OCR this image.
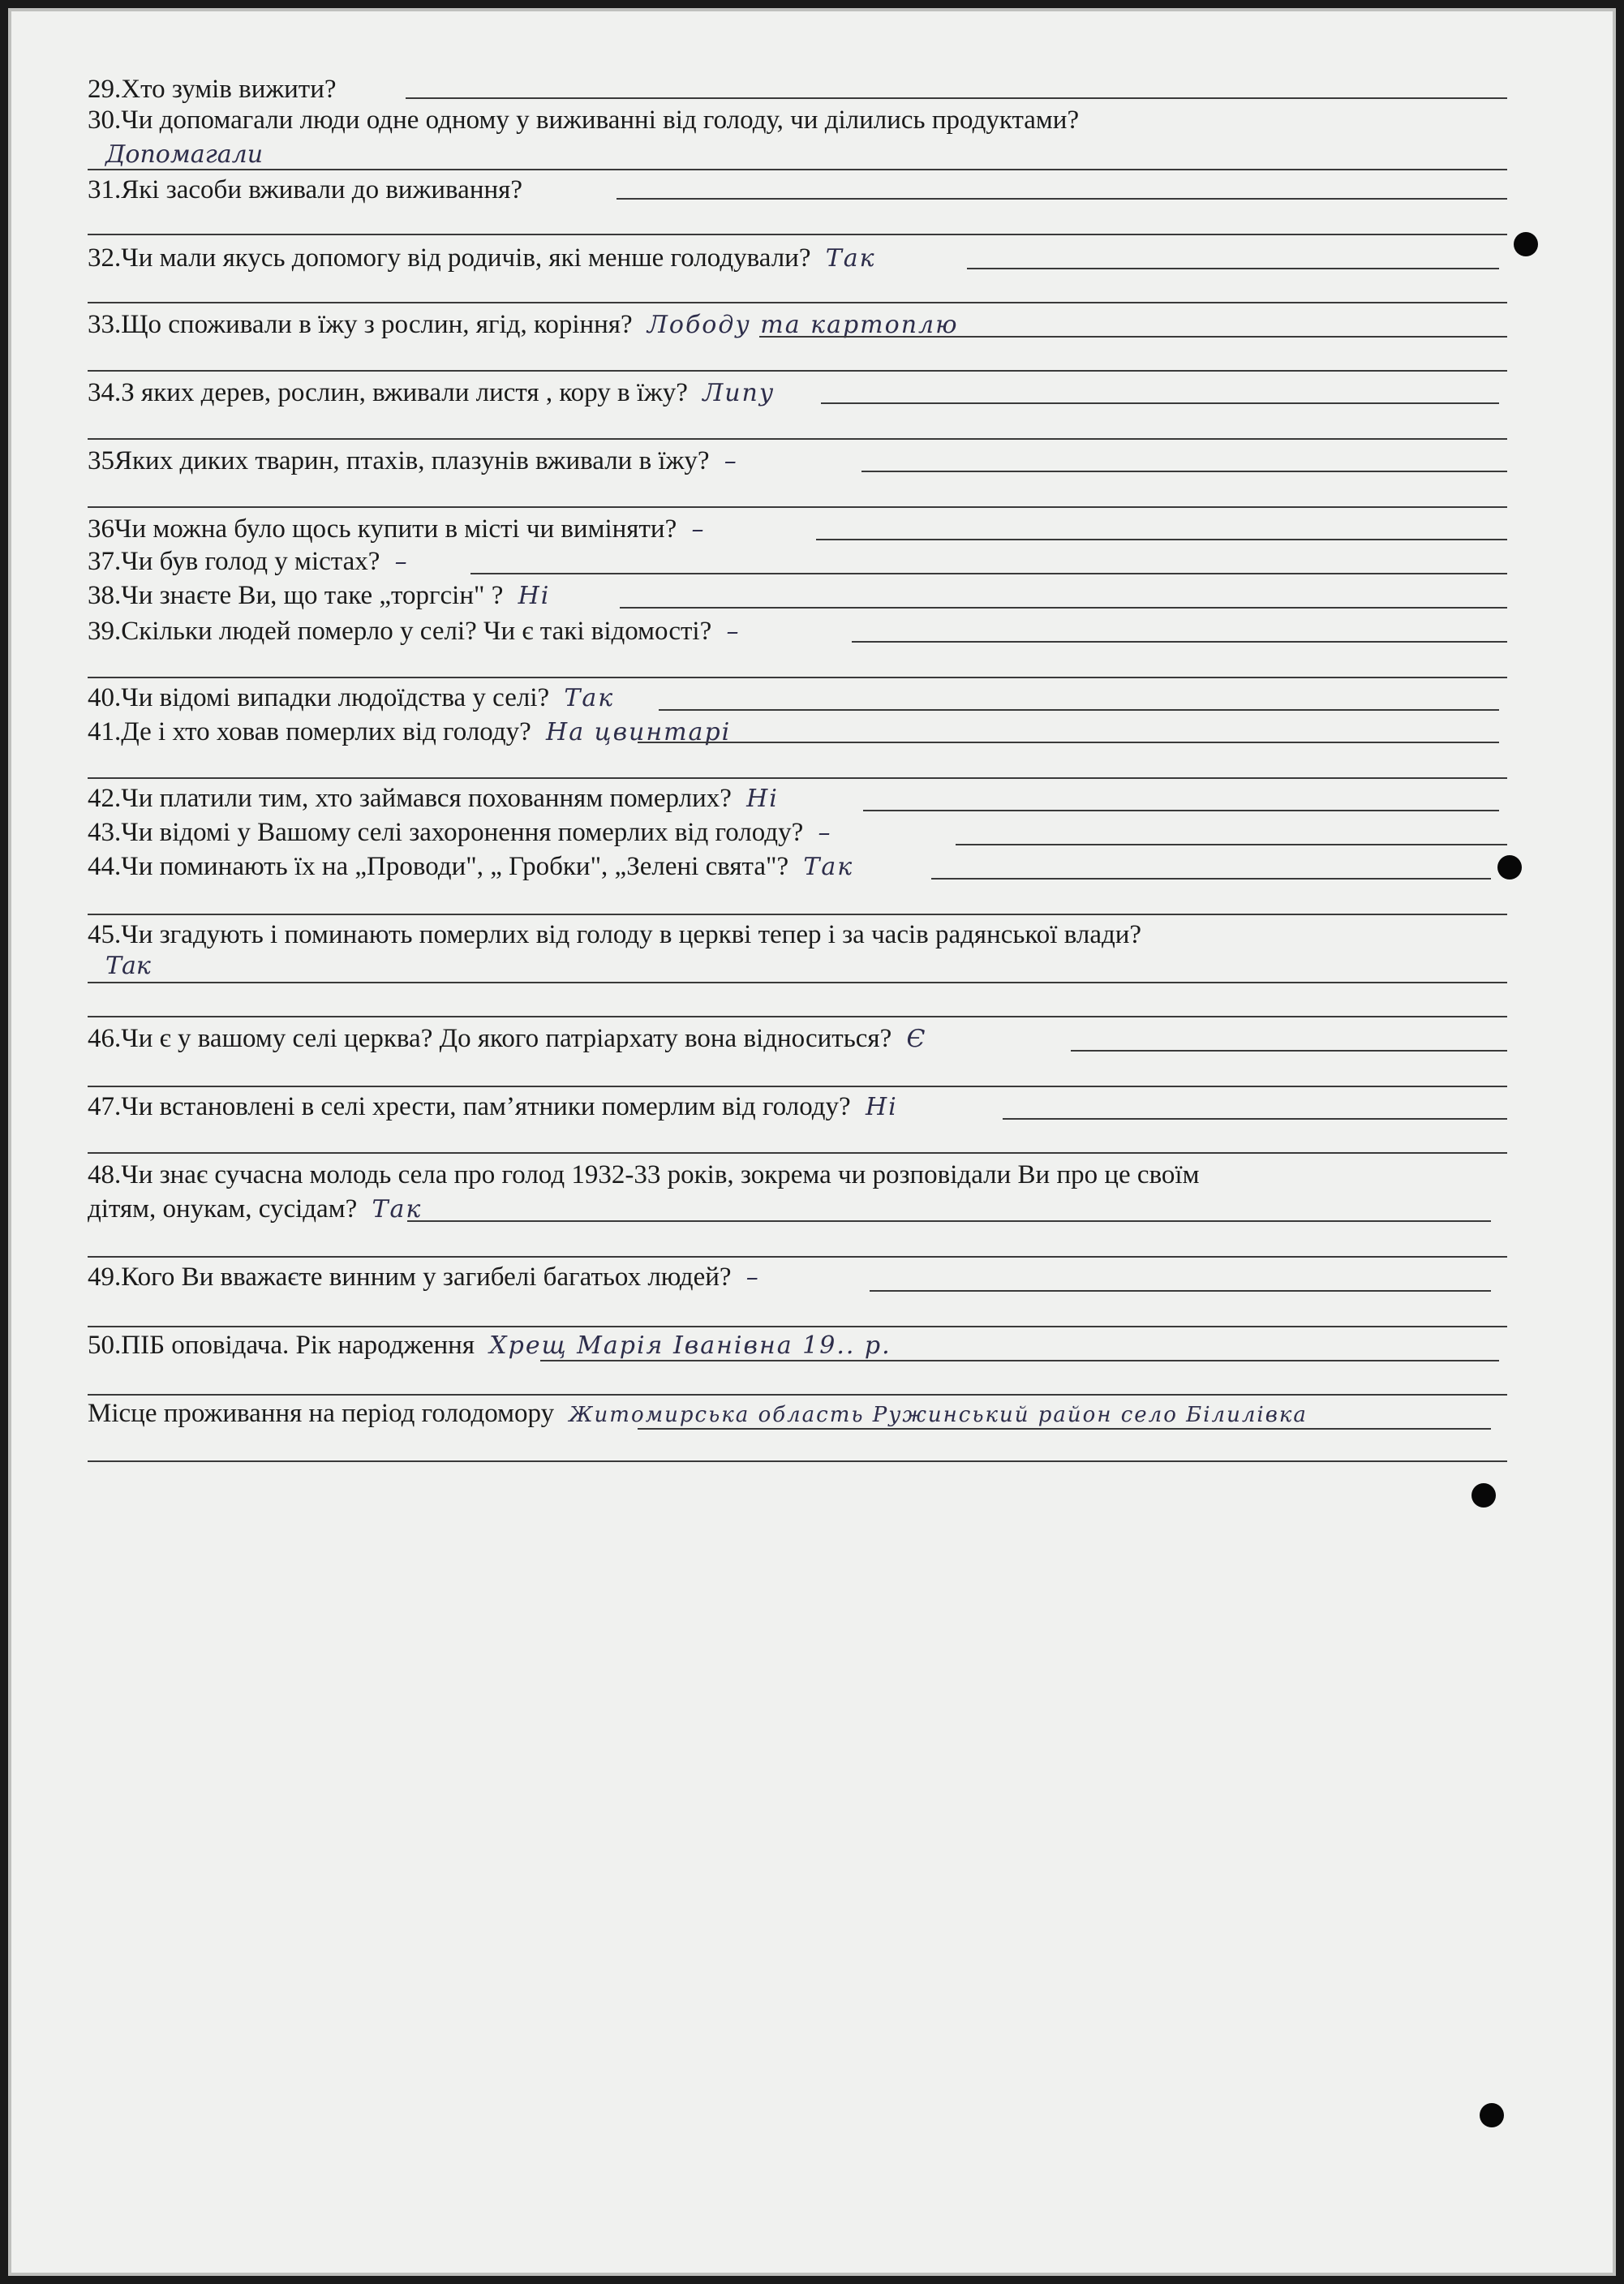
29.Хто зумів вижити?
30.Чи допомагали люди одне одному у виживанні від голоду, чи ділились продуктами?
Допомагали
31.Які засоби вживали до виживання?
32.Чи мали якусь допомогу від родичів, які менше голодували? Так
33.Що споживали в їжу з рослин, ягід, коріння? Лободу та картоплю
34.З яких дерев, рослин, вживали листя , кору в їжу? Липу
35Яких диких тварин, птахів, плазунів вживали в їжу? –
36Чи можна було щось купити в місті чи виміняти? –
37.Чи був голод у містах? –
38.Чи знаєте Ви, що таке „торгсін" ? Ні
39.Скільки людей померло у селі? Чи є такі відомості? –
40.Чи відомі випадки людоїдства у селі? Так
41.Де і хто ховав померлих від голоду? На цвинтарі
42.Чи платили тим, хто займався похованням померлих? Ні
43.Чи відомі у Вашому селі захоронення померлих від голоду? –
44.Чи поминають їх на „Проводи", „ Гробки", „Зелені свята"? Так
45.Чи згадують і поминають померлих від голоду в церкві тепер і за часів радянської влади?
Так
46.Чи є у вашому селі церква? До якого патріархату вона відноситься? Є
47.Чи встановлені в селі хрести, пам’ятники померлим від голоду? Ні
48.Чи знає сучасна молодь села про голод 1932-33 років, зокрема чи розповідали Ви про це своїм
дітям, онукам, сусідам? Так
49.Кого Ви вважаєте винним у загибелі багатьох людей? –
50.ПІБ оповідача. Рік народження Хрещ Марія Іванівна 19.. р.
Місце проживання на період голодомору Житомирська область Ружинський район село Білилівка
